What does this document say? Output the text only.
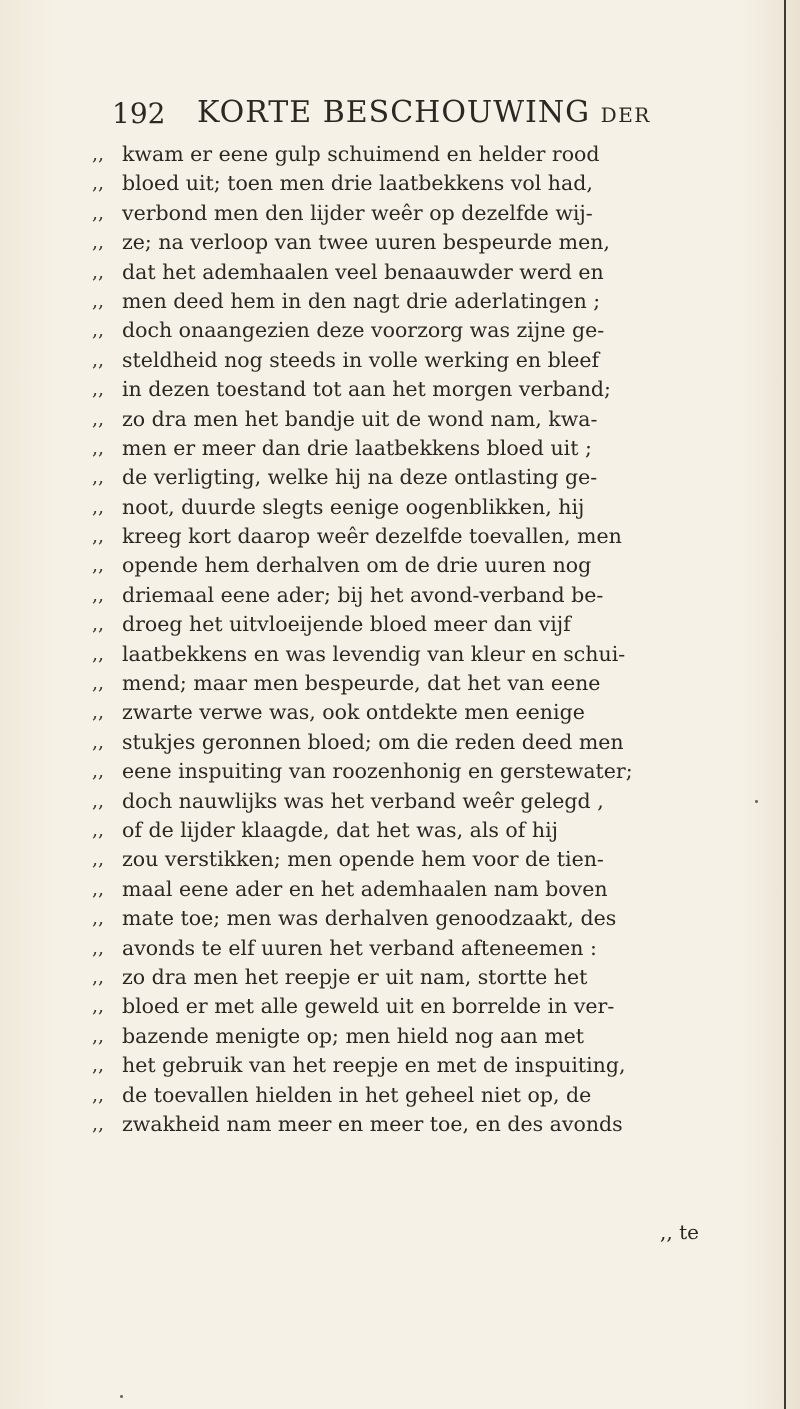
192 KORTE BESCHOUWING DER
,, kwam er eene gulp schuimend en helder rood
,, bloed uit; toen men drie laatbekkens vol had,
,, verbond men den lijder weêr op dezelfde wij-
,, ze; na verloop van twee uuren bespeurde men,
,, dat het ademhaalen veel benaauwder werd en
,, men deed hem in den nagt drie aderlatingen ;
,, doch onaangezien deze voorzorg was zijne ge-
,, steldheid nog steeds in volle werking en bleef
,, in dezen toestand tot aan het morgen verband;
,, zo dra men het bandje uit de wond nam, kwa-
,, men er meer dan drie laatbekkens bloed uit ;
,, de verligting, welke hij na deze ontlasting ge-
,, noot, duurde slegts eenige oogenblikken, hij
,, kreeg kort daarop weêr dezelfde toevallen, men
,, opende hem derhalven om de drie uuren nog
,, driemaal eene ader; bij het avond-verband be-
,, droeg het uitvloeijende bloed meer dan vijf
,, laatbekkens en was levendig van kleur en schui-
,, mend; maar men bespeurde, dat het van eene
,, zwarte verwe was, ook ontdekte men eenige
,, stukjes geronnen bloed; om die reden deed men
,, eene inspuiting van roozenhonig en gerstewater;
,, doch nauwlijks was het verband weêr gelegd ,
,, of de lijder klaagde, dat het was, als of hij
,, zou verstikken; men opende hem voor de tien-
,, maal eene ader en het ademhaalen nam boven
,, mate toe; men was derhalven genoodzaakt, des
,, avonds te elf uuren het verband afteneemen :
,, zo dra men het reepje er uit nam, stortte het
,, bloed er met alle geweld uit en borrelde in ver-
,, bazende menigte op; men hield nog aan met
,, het gebruik van het reepje en met de inspuiting,
,, de toevallen hielden in het geheel niet op, de
,, zwakheid nam meer en meer toe, en des avonds
,, te
